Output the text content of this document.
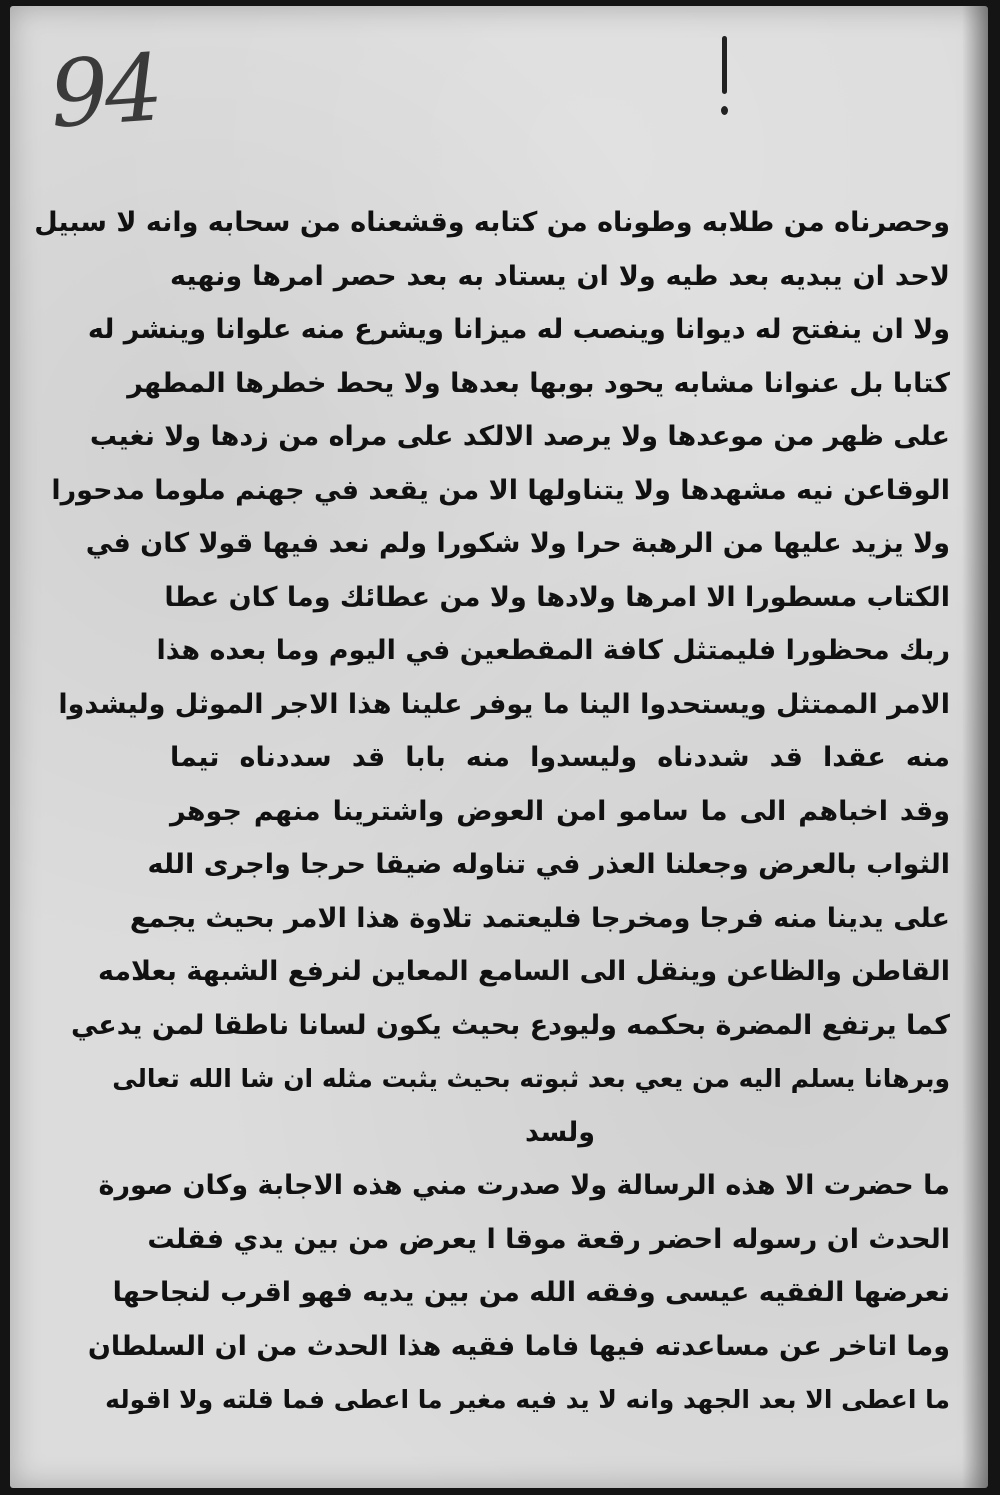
94
وحصرناه من طلابه وطوناه من كتابه وقشعناه من سحابه وانه لا سبيل
لاحد ان يبديه بعد طيه ولا ان يستاد به بعد حصر امرها ونهيه
ولا ان ينفتح له ديوانا وينصب له ميزانا ويشرع منه علوانا وينشر له
كتابا بل عنوانا مشابه يحود بوبها بعدها ولا يحط خطرها المطهر
على ظهر من موعدها ولا يرصد الالكد على مراه من زدها ولا نغيب
الوقاعن نيه مشهدها ولا يتناولها الا من يقعد في جهنم ملوما مدحورا
ولا يزيد عليها من الرهبة حرا ولا شكورا ولم نعد فيها قولا كان في
الكتاب مسطورا الا امرها ولادها ولا من عطائك وما كان عطا
ربك محظورا فليمتثل كافة المقطعين في اليوم وما بعده هذا
الامر الممتثل ويستحدوا الينا ما يوفر علينا هذا الاجر الموثل وليشدوا
منه عقدا قد شددناه وليسدوا منه بابا قد سددناه تيما
وقد اخباهم الى ما سامو امن العوض واشترينا منهم جوهر
الثواب بالعرض وجعلنا العذر في تناوله ضيقا حرجا واجرى الله
على يدينا منه فرجا ومخرجا فليعتمد تلاوة هذا الامر بحيث يجمع
القاطن والظاعن وينقل الى السامع المعاين لنرفع الشبهة بعلامه
كما يرتفع المضرة بحكمه وليودع بحيث يكون لسانا ناطقا لمن يدعي
وبرهانا يسلم اليه من يعي بعد ثبوته بحيث يثبت مثله ان شا الله تعالى
ولسد
ما حضرت الا هذه الرسالة ولا صدرت مني هذه الاجابة وكان صورة
الحدث ان رسوله احضر رقعة موقا ا يعرض من بين يدي فقلت
نعرضها الفقيه عيسى وفقه الله من بين يديه فهو اقرب لنجاحها
وما اتاخر عن مساعدته فيها فاما فقيه هذا الحدث من ان السلطان
ما اعطى الا بعد الجهد وانه لا يد فيه مغير ما اعطى فما قلته ولا اقوله
